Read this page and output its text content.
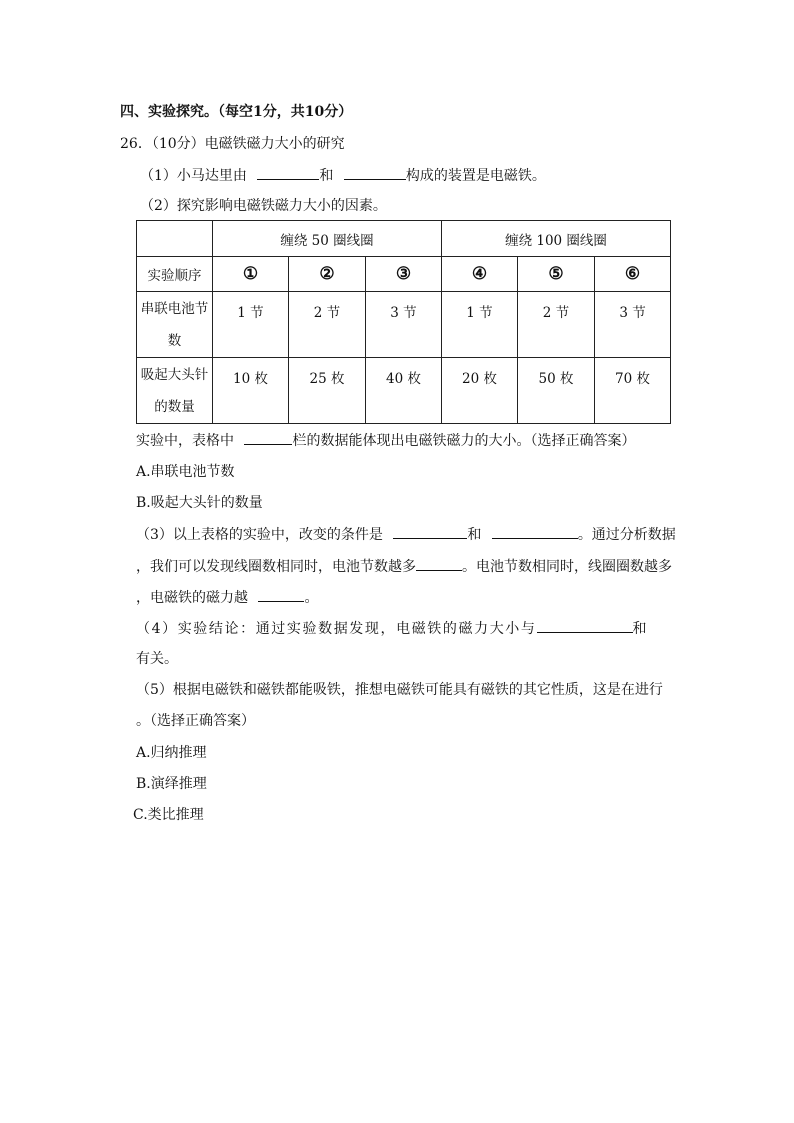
四、实验探究。（每空1分，共10分）
26．（10分）电磁铁磁力大小的研究
（1）小马达里由	和	构成的装置是电磁铁。
（2）探究影响电磁铁磁力大小的因素。
	缠绕 50 圈线圈			缠绕 100 圈线圈		
实验顺序	①	②	③	④	⑤	⑥
串联电池节
数	1 节	2 节	3 节	1 节	2 节	3 节
吸起大头针
的数量	10 枚	25 枚	40 枚	20 枚	50 枚	70 枚
实验中，表格中	栏的数据能体现出电磁铁磁力的大小。（选择正确答案）
A.串联电池节数
B.吸起大头针的数量
（3）以上表格的实验中，改变的条件是	和	。通过分析数据
，我们可以发现线圈数相同时，电池节数越多	。电池节数相同时，线圈圈数越多
，电磁铁的磁力越	。
（4）实验结论：通过实验数据发现，电磁铁的磁力大小与	和
有关。
（5）根据电磁铁和磁铁都能吸铁，推想电磁铁可能具有磁铁的其它性质，这是在进行
。（选择正确答案）
A.归纳推理
B.演绎推理
C.类比推理
